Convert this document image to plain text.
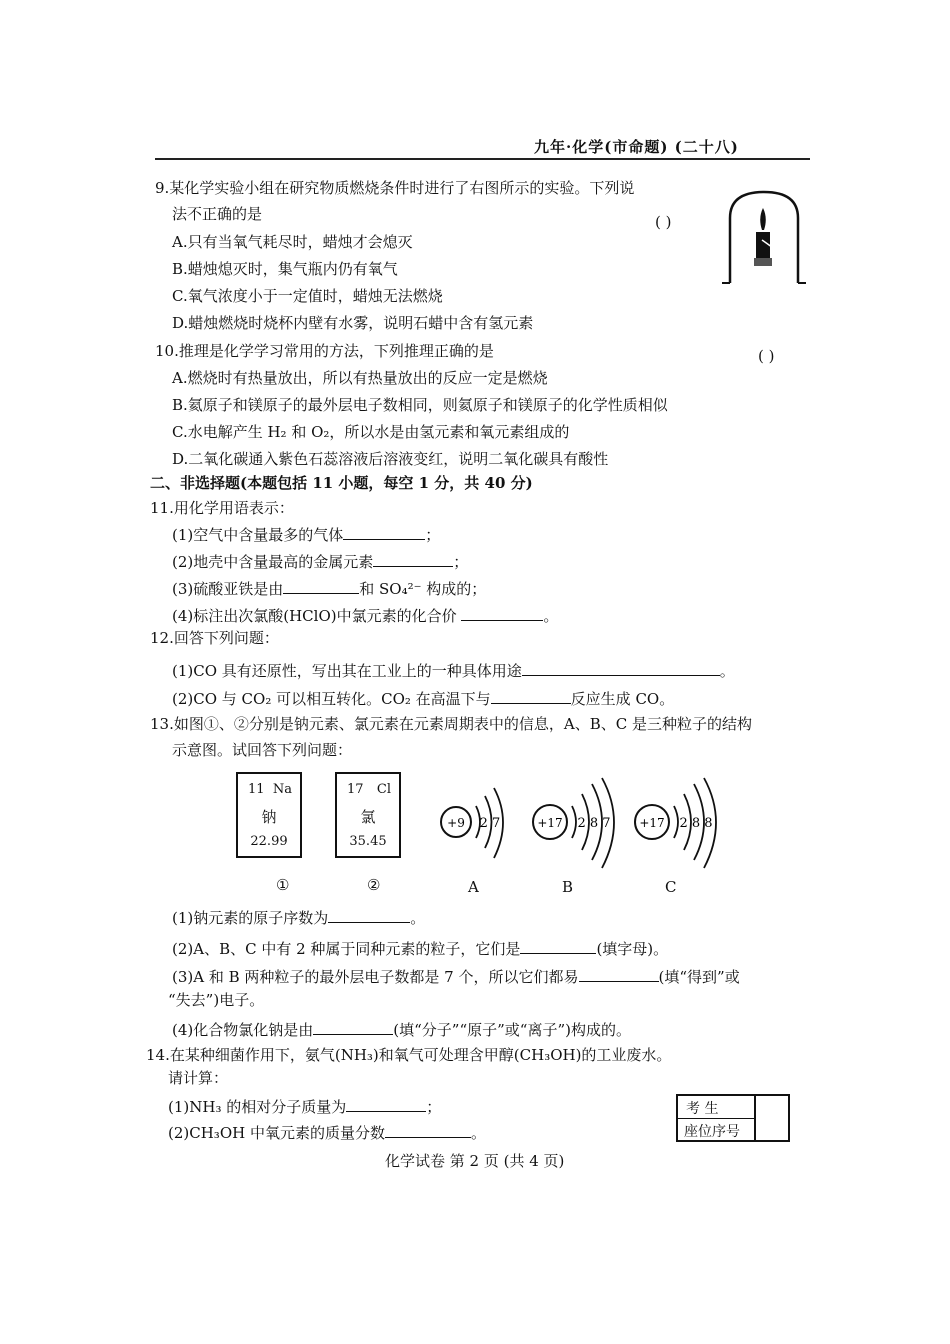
九年·化学(市命题) (二十八)
9.某化学实验小组在研究物质燃烧条件时进行了右图所示的实验。下列说
法不正确的是	( )
A.只有当氧气耗尽时，蜡烛才会熄灭
B.蜡烛熄灭时，集气瓶内仍有氧气
C.氧气浓度小于一定值时，蜡烛无法燃烧
D.蜡烛燃烧时烧杯内壁有水雾，说明石蜡中含有氢元素
10.推理是化学学习常用的方法，下列推理正确的是	( )
A.燃烧时有热量放出，所以有热量放出的反应一定是燃烧
B.氦原子和镁原子的最外层电子数相同，则氦原子和镁原子的化学性质相似
C.水电解产生 H₂ 和 O₂，所以水是由氢元素和氧元素组成的
D.二氧化碳通入紫色石蕊溶液后溶液变红，说明二氧化碳具有酸性
二、非选择题(本题包括 11 小题，每空 1 分，共 40 分)
11.用化学用语表示：
(1)空气中含量最多的气体	；
(2)地壳中含量最高的金属元素	；
(3)硫酸亚铁是由	和 SO₄²⁻ 构成的；
(4)标注出次氯酸(HClO)中氯元素的化合价	。
12.回答下列问题：
(1)CO 具有还原性，写出其在工业上的一种具体用途	。
(2)CO 与 CO₂ 可以相互转化。CO₂ 在高温下与	反应生成 CO。
13.如图①、②分别是钠元素、氯元素在元素周期表中的信息，A、B、C 是三种粒子的结构
示意图。试回答下列问题：
11 Na
钠
22.99
17 Cl
氯
35.45
①	②
+9 2 7	+17 2 8 7 +17 2 8 8
A	B	C
(1)钠元素的原子序数为	。
(2)A、B、C 中有 2 种属于同种元素的粒子，它们是	(填字母)。
(3)A 和 B 两种粒子的最外层电子数都是 7 个，所以它们都易	(填“得到”或
“失去”)电子。
(4)化合物氯化钠是由	(填“分子”“原子”或“离子”)构成的。
14.在某种细菌作用下，氨气(NH₃)和氧气可处理含甲醇(CH₃OH)的工业废水。
请计算：
(1)NH₃ 的相对分子质量为	；
(2)CH₃OH 中氧元素的质量分数	。
考 生
座位序号
化学试卷 第 2 页 (共 4 页)
